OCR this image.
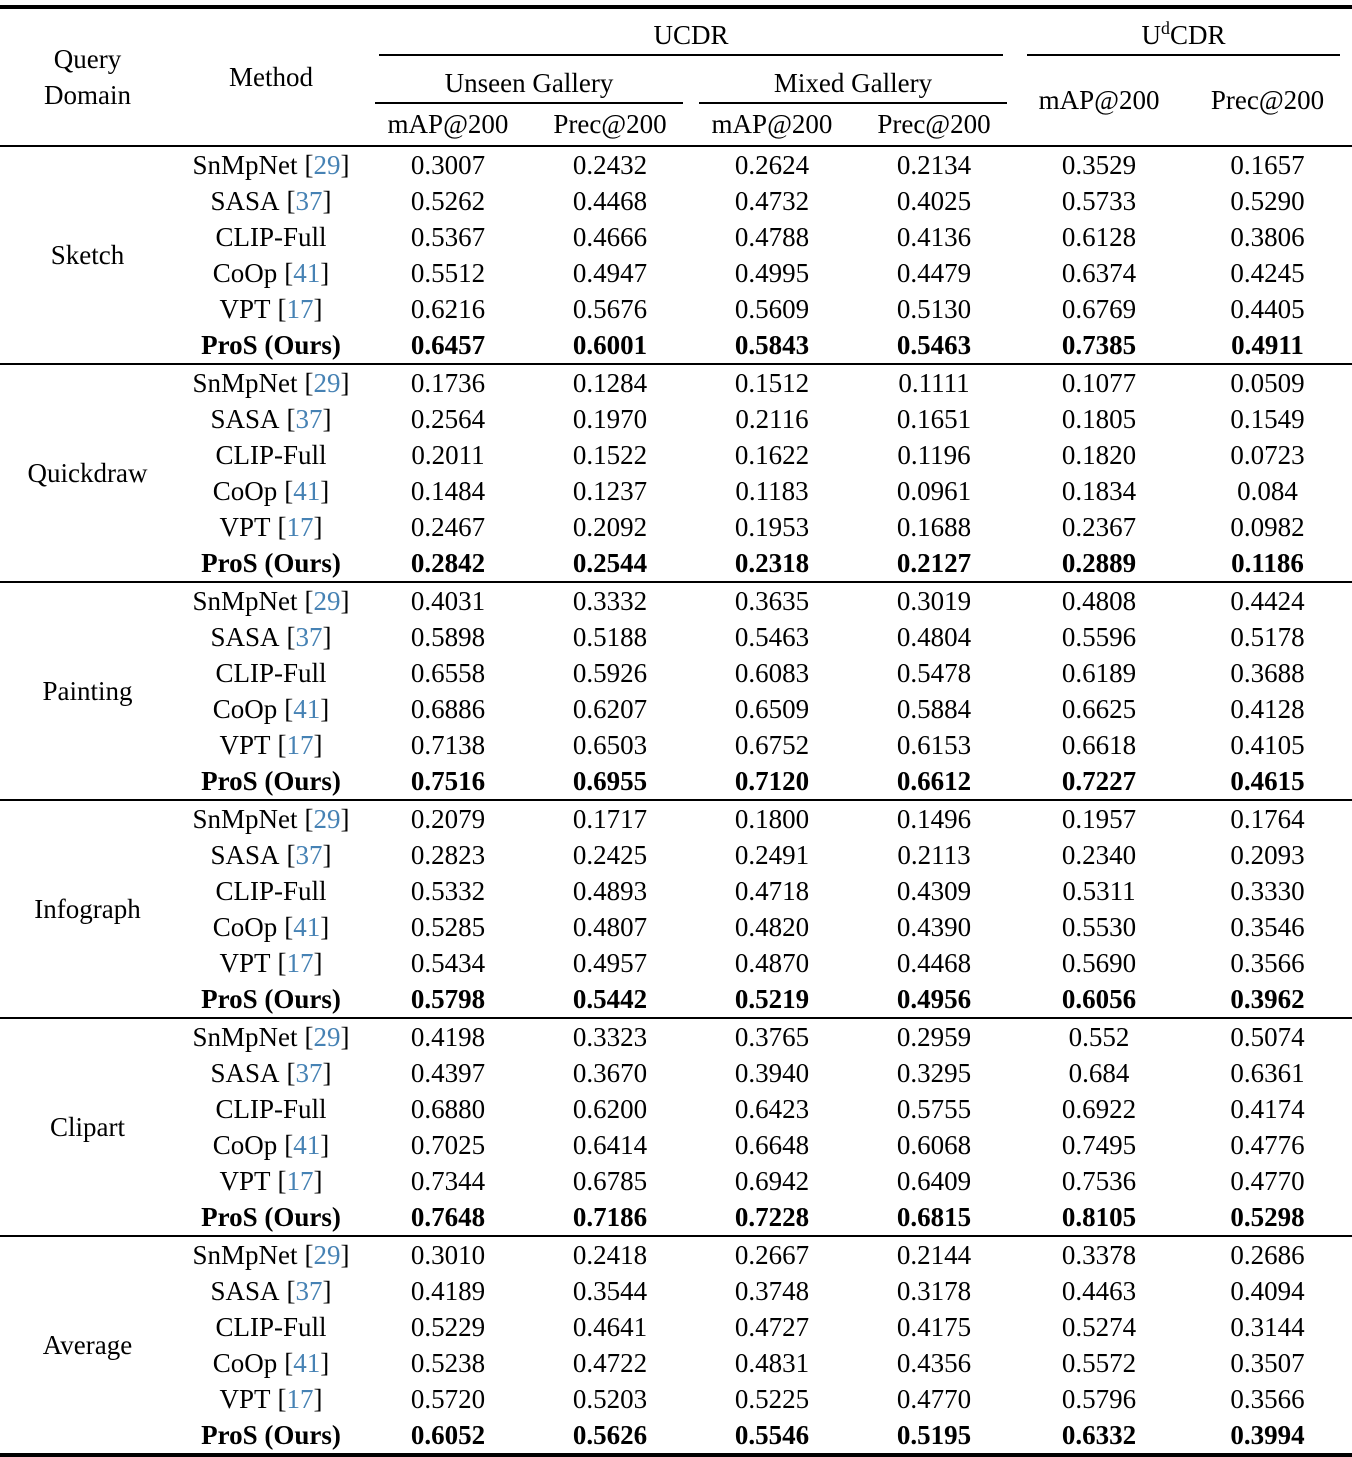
Query Domain	Method	UCDR				$U^dCDR$	

		Unseen Gallery		Mixed Gallery		mAP@200	Prec@200
		mAP@200	Prec@200	mAP@200	Prec@200		
Sketch	SnMpNet [29]	0.3007	0.2432	0.2624	0.2134	0.3529	0.1657
	SASA [37]	0.5262	0.4468	0.4732	0.4025	0.5733	0.5290
	CLIP-Full	0.5367	0.4666	0.4788	0.4136	0.6128	0.3806
	CoOp [41]	0.5512	0.4947	0.4995	0.4479	0.6374	0.4245
	VPT [17]	0.6216	0.5676	0.5609	0.5130	0.6769	0.4405
	ProS (Ours)	0.6457	0.6001	0.5843	0.5463	0.7385	0.4911
Quickdraw	SnMpNet [29]	0.1736	0.1284	0.1512	0.1111	0.1077	0.0509
	SASA [37]	0.2564	0.1970	0.2116	0.1651	0.1805	0.1549
	CLIP-Full	0.2011	0.1522	0.1622	0.1196	0.1820	0.0723
	CoOp [41]	0.1484	0.1237	0.1183	0.0961	0.1834	0.084
	VPT [17]	0.2467	0.2092	0.1953	0.1688	0.2367	0.0982
	ProS (Ours)	0.2842	0.2544	0.2318	0.2127	0.2889	0.1186
Painting	SnMpNet [29]	0.4031	0.3332	0.3635	0.3019	0.4808	0.4424
	SASA [37]	0.5898	0.5188	0.5463	0.4804	0.5596	0.5178
	CLIP-Full	0.6558	0.5926	0.6083	0.5478	0.6189	0.3688
	CoOp [41]	0.6886	0.6207	0.6509	0.5884	0.6625	0.4128
	VPT [17]	0.7138	0.6503	0.6752	0.6153	0.6618	0.4105
	ProS (Ours)	0.7516	0.6955	0.7120	0.6612	0.7227	0.4615
Infograph	SnMpNet [29]	0.2079	0.1717	0.1800	0.1496	0.1957	0.1764
	SASA [37]	0.2823	0.2425	0.2491	0.2113	0.2340	0.2093
	CLIP-Full	0.5332	0.4893	0.4718	0.4309	0.5311	0.3330
	CoOp [41]	0.5285	0.4807	0.4820	0.4390	0.5530	0.3546
	VPT [17]	0.5434	0.4957	0.4870	0.4468	0.5690	0.3566
	ProS (Ours)	0.5798	0.5442	0.5219	0.4956	0.6056	0.3962
Clipart	SnMpNet [29]	0.4198	0.3323	0.3765	0.2959	0.552	0.5074
	SASA [37]	0.4397	0.3670	0.3940	0.3295	0.684	0.6361
	CLIP-Full	0.6880	0.6200	0.6423	0.5755	0.6922	0.4174
	CoOp [41]	0.7025	0.6414	0.6648	0.6068	0.7495	0.4776
	VPT [17]	0.7344	0.6785	0.6942	0.6409	0.7536	0.4770
	ProS (Ours)	0.7648	0.7186	0.7228	0.6815	0.8105	0.5298
Average	SnMpNet [29]	0.3010	0.2418	0.2667	0.2144	0.3378	0.2686
	SASA [37]	0.4189	0.3544	0.3748	0.3178	0.4463	0.4094
	CLIP-Full	0.5229	0.4641	0.4727	0.4175	0.5274	0.3144
	CoOp [41]	0.5238	0.4722	0.4831	0.4356	0.5572	0.3507
	VPT [17]	0.5720	0.5203	0.5225	0.4770	0.5796	0.3566
	ProS (Ours)	0.6052	0.5626	0.5546	0.5195	0.6332	0.3994
